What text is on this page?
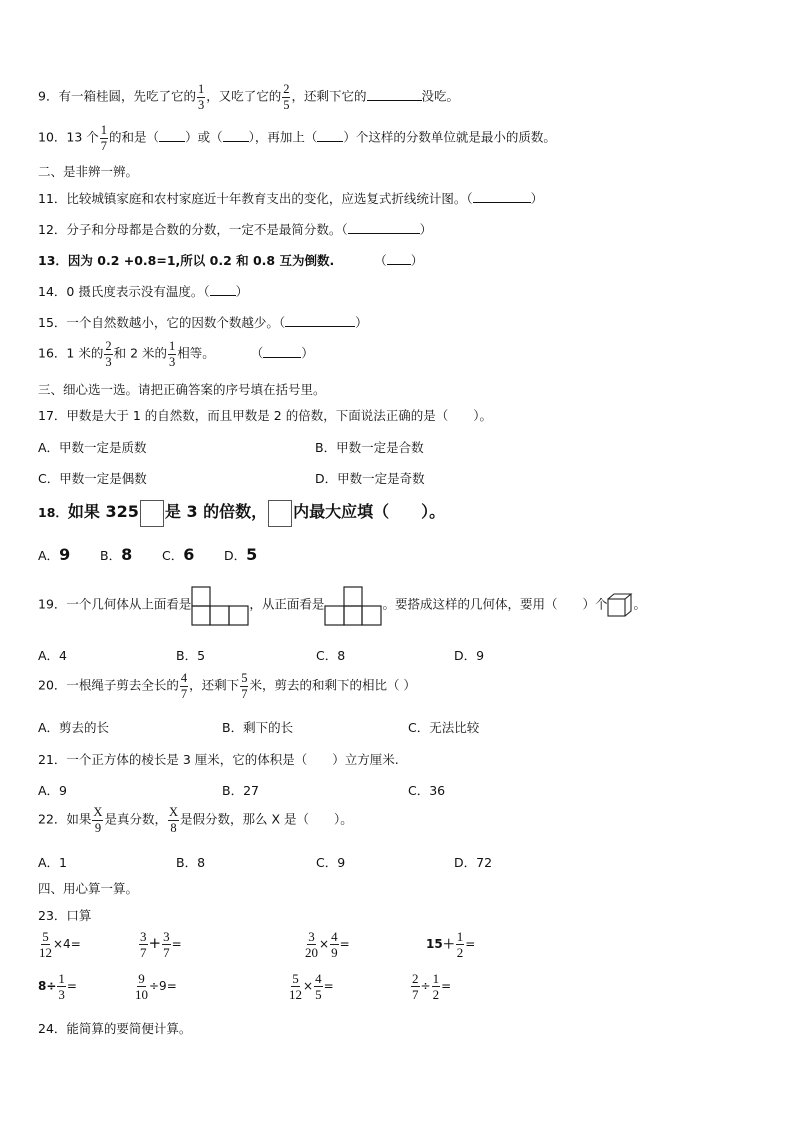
9．有一箱桂圆，先吃了它的 $\frac{1}{3}$ ，又吃了它的 $\frac{2}{5}$ ，还剩下它的	没吃。
10．13 个 $\frac{1}{7}$ 的和是（ ）或（ ），再加上（ ）个这样的分数单位就是最小的质数。
二、是非辨一辨。
11．比较城镇家庭和农村家庭近十年教育支出的变化，应选复式折线统计图。（	）
12．分子和分母都是合数的分数，一定不是最简分数。（	）
13．因为 0.2 +0.8=1,所以 0.2 和 0.8 互为倒数.	（ ）
14．0 摄氏度表示没有温度。（ ）
15．一个自然数越小，它的因数个数越少。（	）
16．1 米的 $\frac{2}{3}$ 和 2 米的 $\frac{1}{3}$ 相等。	（	）
三、细心选一选。请把正确答案的序号填在括号里。
17．甲数是大于 1 的自然数，而且甲数是 2 的倍数，下面说法正确的是（　　）。
A．甲数一定是质数	B．甲数一定是合数
C．甲数一定是偶数	D．甲数一定是奇数
18．如果 325 是 3 的倍数， 内最大应填（　　）。
A．9 B．8 C．6 D．5
19．一个几何体从上面看是	，从正面看是	。要搭成这样的几何体，要用（　　）个 。
A．4	B．5	C．8	D．9
20．一根绳子剪去全长的 $\frac{4}{7}$ ，还剩下 $\frac{5}{7}$ 米，剪去的和剩下的相比（ ）
A．剪去的长	B．剩下的长	C．无法比较
21．一个正方体的棱长是 3 厘米，它的体积是（　　）立方厘米.
A．9	B．27	C．36
22．如果 $\frac{X}{9}$ 是真分数， $\frac{X}{8}$ 是假分数，那么 X 是（　　）。
A．1	B．8	C．9	D．72
四、用心算一算。
23．口算
$\frac{5}{12} \times 4=$	$\frac{3}{7} + \frac{3}{7}$ =	$\frac{3}{20} \times \frac{4}{9}$ =	$15+ \frac{1}{2}$ =
$8\div \frac{1}{3}$ =	$\frac{9}{10} \div 9=$	$\frac{5}{12} \times \frac{4}{5}$ =	$\frac{2}{7} \div \frac{1}{2}$ =
24．能简算的要简便计算。
